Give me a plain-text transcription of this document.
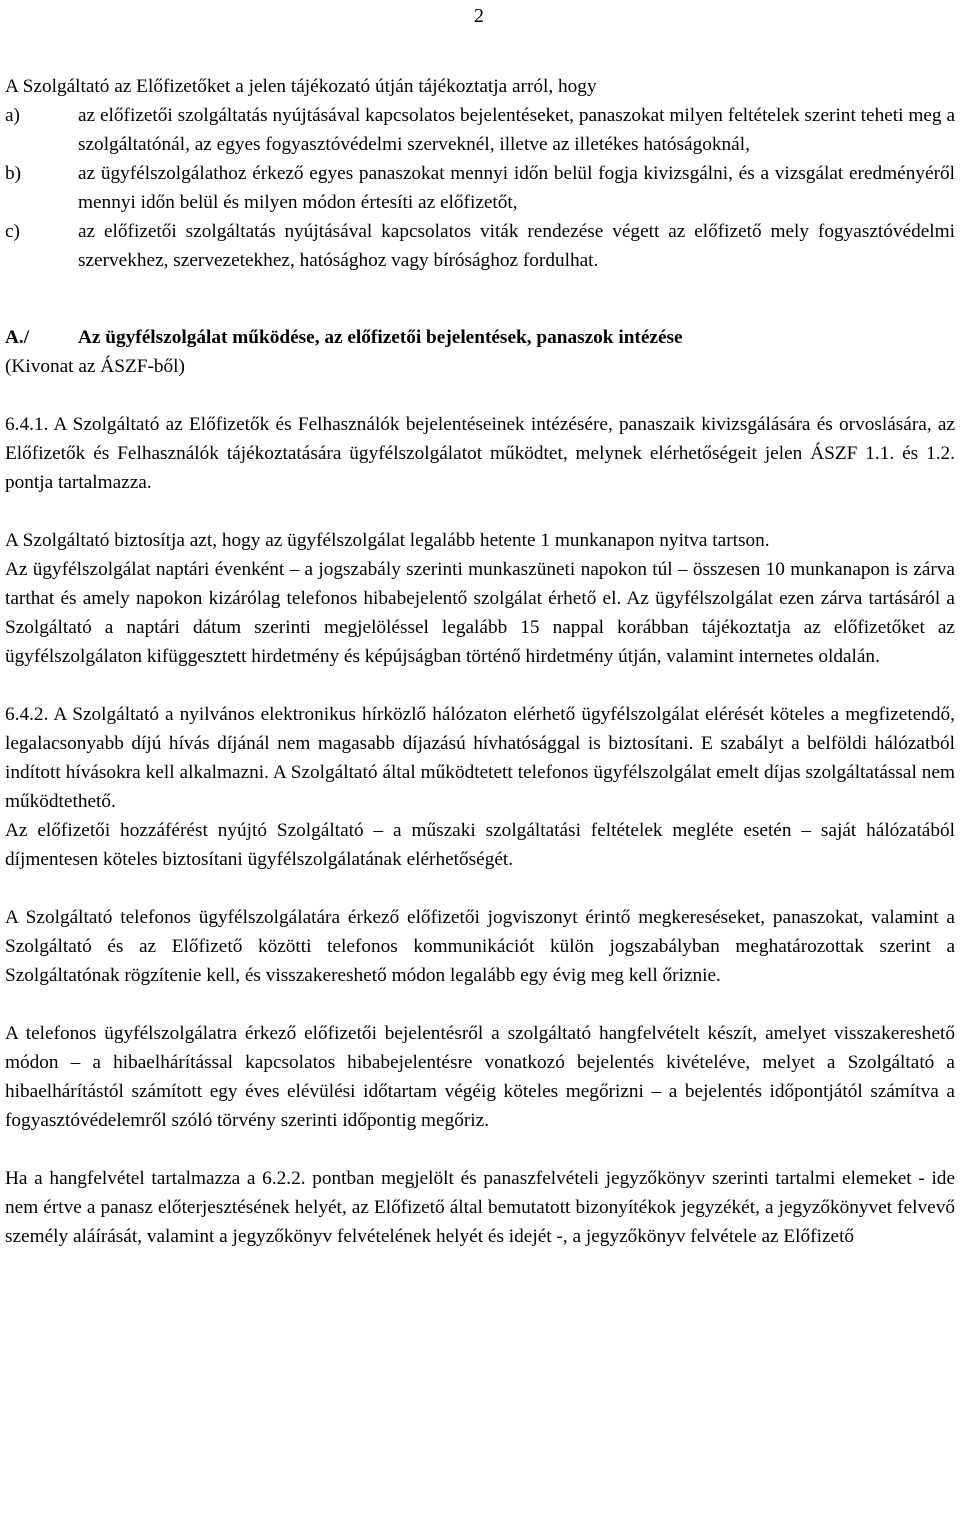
2

A Szolgáltató az Előfizetőket a jelen tájékozató útján tájékoztatja arról, hogy

a)	az előfizetői szolgáltatás nyújtásával kapcsolatos bejelentéseket, panaszokat milyen feltételek szerint teheti meg a szolgáltatónál, az egyes fogyasztóvédelmi szerveknél, illetve az illetékes hatóságoknál,
b)	az ügyfélszolgálathoz érkező egyes panaszokat mennyi időn belül fogja kivizsgálni, és a vizsgálat eredményéről mennyi időn belül és milyen módon értesíti az előfizetőt,
c)	az előfizetői szolgáltatás nyújtásával kapcsolatos viták rendezése végett az előfizető mely fogyasztóvédelmi szervekhez, szervezetekhez, hatósághoz vagy bírósághoz fordulhat.
A./	Az ügyfélszolgálat működése, az előfizetői bejelentések, panaszok intézése

(Kivonat az ÁSZF-ből)

6.4.1. A Szolgáltató az Előfizetők és Felhasználók bejelentéseinek intézésére, panaszaik kivizsgálására és orvoslására, az Előfizetők és Felhasználók tájékoztatására ügyfélszolgálatot működtet, melynek elérhetőségeit jelen ÁSZF 1.1. és 1.2. pontja tartalmazza.

A Szolgáltató biztosítja azt, hogy az ügyfélszolgálat legalább hetente 1 munkanapon nyitva tartson.

Az ügyfélszolgálat naptári évenként – a jogszabály szerinti munkaszüneti napokon túl – összesen 10 munkanapon is zárva tarthat és amely napokon kizárólag telefonos hibabejelentő szolgálat érhető el. Az ügyfélszolgálat ezen zárva tartásáról a Szolgáltató a naptári dátum szerinti megjelöléssel legalább 15 nappal korábban tájékoztatja az előfizetőket az ügyfélszolgálaton kifüggesztett hirdetmény és képújságban történő hirdetmény útján, valamint internetes oldalán.

6.4.2. A Szolgáltató a nyilvános elektronikus hírközlő hálózaton elérhető ügyfélszolgálat elérését köteles a megfizetendő, legalacsonyabb díjú hívás díjánál nem magasabb díjazású hívhatósággal is biztosítani. E szabályt a belföldi hálózatból indított hívásokra kell alkalmazni. A Szolgáltató által működtetett telefonos ügyfélszolgálat emelt díjas szolgáltatással nem működtethető.

Az előfizetői hozzáférést nyújtó Szolgáltató – a műszaki szolgáltatási feltételek megléte esetén – saját hálózatából díjmentesen köteles biztosítani ügyfélszolgálatának elérhetőségét.

A Szolgáltató telefonos ügyfélszolgálatára érkező előfizetői jogviszonyt érintő megkereséseket, panaszokat, valamint a Szolgáltató és az Előfizető közötti telefonos kommunikációt külön jogszabályban meghatározottak szerint a Szolgáltatónak rögzítenie kell, és visszakereshető módon legalább egy évig meg kell őriznie.

A telefonos ügyfélszolgálatra érkező előfizetői bejelentésről a szolgáltató hangfelvételt készít, amelyet visszakereshető módon – a hibaelhárítással kapcsolatos hibabejelentésre vonatkozó bejelentés kivételéve, melyet a Szolgáltató a hibaelhárítástól számított egy éves elévülési időtartam végéig köteles megőrizni – a bejelentés időpontjától számítva a fogyasztóvédelemről szóló törvény szerinti időpontig megőriz.

Ha a hangfelvétel tartalmazza a 6.2.2. pontban megjelölt és panaszfelvételi jegyzőkönyv szerinti tartalmi elemeket - ide nem értve a panasz előterjesztésének helyét, az Előfizető által bemutatott bizonyítékok jegyzékét, a jegyzőkönyvet felvevő személy aláírását, valamint a jegyzőkönyv felvételének helyét és idejét -, a jegyzőkönyv felvétele az Előfizető
